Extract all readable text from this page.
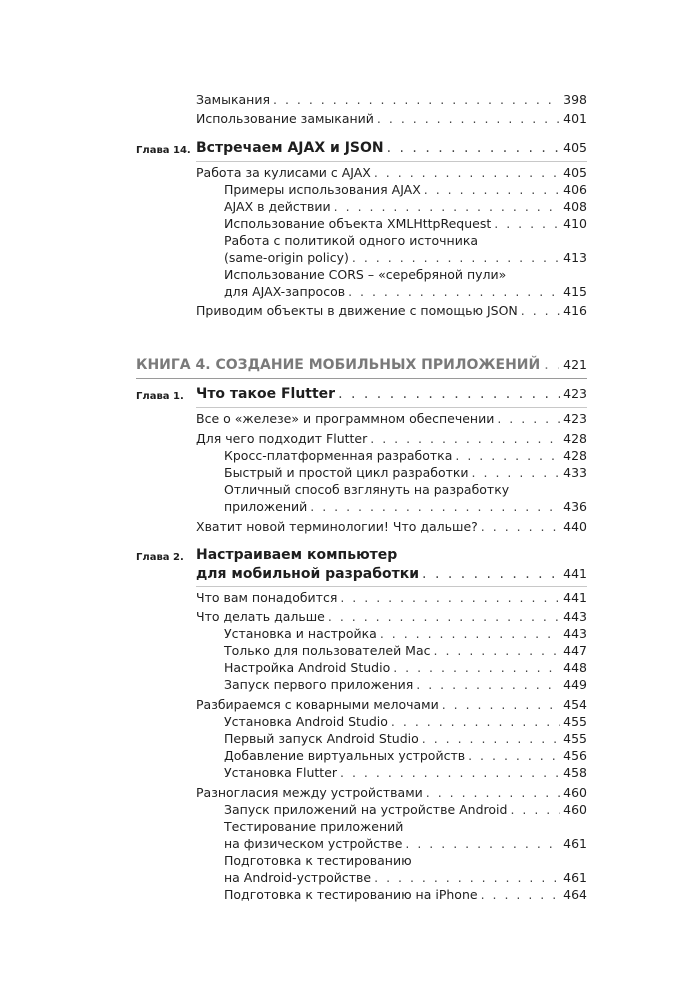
Замыкания . . .	398
Использование замыканий . . .	401
Глава 14. Встречаем AJAX и JSON . . .	405
Работа за кулисами с AJAX . . .	405
Примеры использования AJAX . . .	406
AJAX в действии . . .	408
Использование объекта XMLHttpRequest . . .	410
Работа с политикой одного источника
(same-origin policy) . . .	413
Использование CORS – «серебряной пули»
для AJAX-запросов . . .	415
Приводим объекты в движение с помощью JSON . . .	416
КНИГА 4. СОЗДАНИЕ МОБИЛЬНЫХ ПРИЛОЖЕНИЙ . . . 421
Глава 1. Что такое Flutter . . .	423
Все о «железе» и программном обеспечении . . .	423
Для чего подходит Flutter . . .	428
Кросс-платформенная разработка . . .	428
Быстрый и простой цикл разработки . . .	433
Отличный способ взглянуть на разработку
приложений . . .	436
Хватит новой терминологии! Что дальше? . . .	440
Глава 2. Настраиваем компьютер
для мобильной разработки . . .	441
Что вам понадобится . . .	441
Что делать дальше . . .	443
Установка и настройка . . .	443
Только для пользователей Mac . . .	447
Настройка Android Studio . . .	448
Запуск первого приложения . . .	449
Разбираемся с коварными мелочами . . .	454
Установка Android Studio . . .	455
Первый запуск Android Studio . . .	455
Добавление виртуальных устройств . . .	456
Установка Flutter . . .	458
Разногласия между устройствами . . .	460
Запуск приложений на устройстве Android . . .	460
Тестирование приложений
на физическом устройстве . . .	461
Подготовка к тестированию
на Android-устройстве . . .	461
Подготовка к тестированию на iPhone . . .	464
